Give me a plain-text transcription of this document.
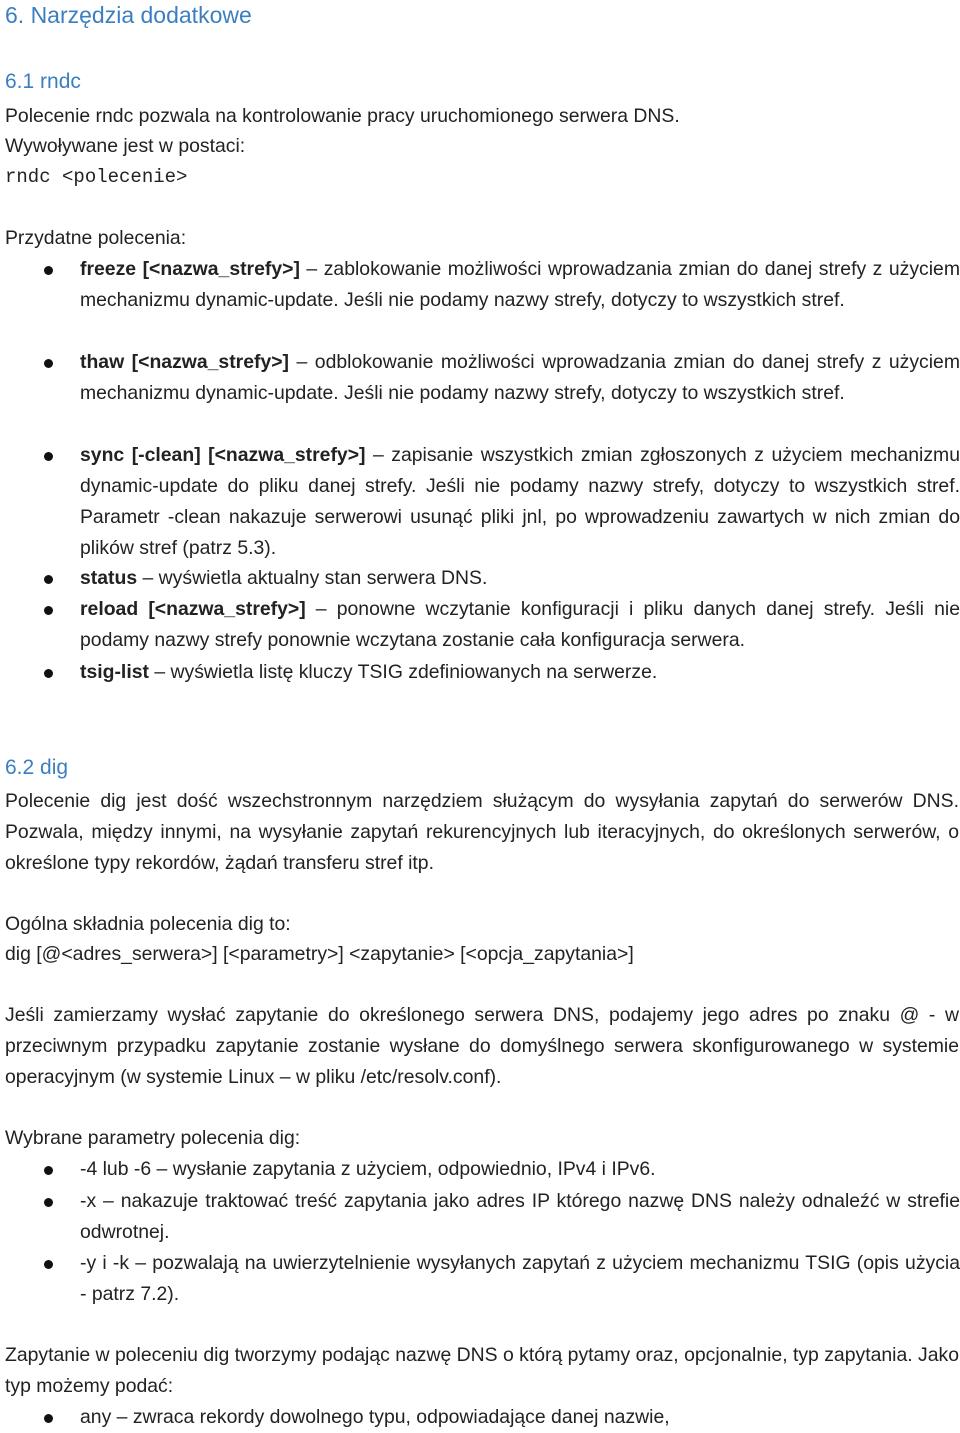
6. Narzędzia dodatkowe
6.1 rndc
Polecenie rndc pozwala na kontrolowanie pracy uruchomionego serwera DNS.
Wywoływane jest w postaci:
rndc <polecenie>
Przydatne polecenia:
freeze [<nazwa_strefy>] – zablokowanie możliwości wprowadzania zmian do danej strefy z użyciem mechanizmu dynamic-update. Jeśli nie podamy nazwy strefy, dotyczy to wszystkich stref.
thaw [<nazwa_strefy>] – odblokowanie możliwości wprowadzania zmian do danej strefy z użyciem mechanizmu dynamic-update. Jeśli nie podamy nazwy strefy, dotyczy to wszystkich stref.
sync [-clean] [<nazwa_strefy>] – zapisanie wszystkich zmian zgłoszonych z użyciem mechanizmu dynamic-update do pliku danej strefy. Jeśli nie podamy nazwy strefy, dotyczy to wszystkich stref. Parametr -clean nakazuje serwerowi usunąć pliki jnl, po wprowadzeniu zawartych w nich zmian do plików stref (patrz 5.3).
status – wyświetla aktualny stan serwera DNS.
reload [<nazwa_strefy>] – ponowne wczytanie konfiguracji i pliku danych danej strefy. Jeśli nie podamy nazwy strefy ponownie wczytana zostanie cała konfiguracja serwera.
tsig-list – wyświetla listę kluczy TSIG zdefiniowanych na serwerze.
6.2 dig
Polecenie dig jest dość wszechstronnym narzędziem służącym do wysyłania zapytań do serwerów DNS. Pozwala, między innymi, na wysyłanie zapytań rekurencyjnych lub iteracyjnych, do określonych serwerów, o określone typy rekordów, żądań transferu stref itp.
Ogólna składnia polecenia dig to:
dig [@<adres_serwera>] [<parametry>] <zapytanie> [<opcja_zapytania>]
Jeśli zamierzamy wysłać zapytanie do określonego serwera DNS, podajemy jego adres po znaku @ - w przeciwnym przypadku zapytanie zostanie wysłane do domyślnego serwera skonfigurowanego w systemie operacyjnym (w systemie Linux – w pliku /etc/resolv.conf).
Wybrane parametry polecenia dig:
-4 lub -6 – wysłanie zapytania z użyciem, odpowiednio, IPv4 i IPv6.
-x – nakazuje traktować treść zapytania jako adres IP którego nazwę DNS należy odnaleźć w strefie odwrotnej.
-y i -k – pozwalają na uwierzytelnienie wysyłanych zapytań z użyciem mechanizmu TSIG (opis użycia - patrz 7.2).
Zapytanie w poleceniu dig tworzymy podając nazwę DNS o którą pytamy oraz, opcjonalnie, typ zapytania. Jako typ możemy podać:
any – zwraca rekordy dowolnego typu, odpowiadające danej nazwie,
